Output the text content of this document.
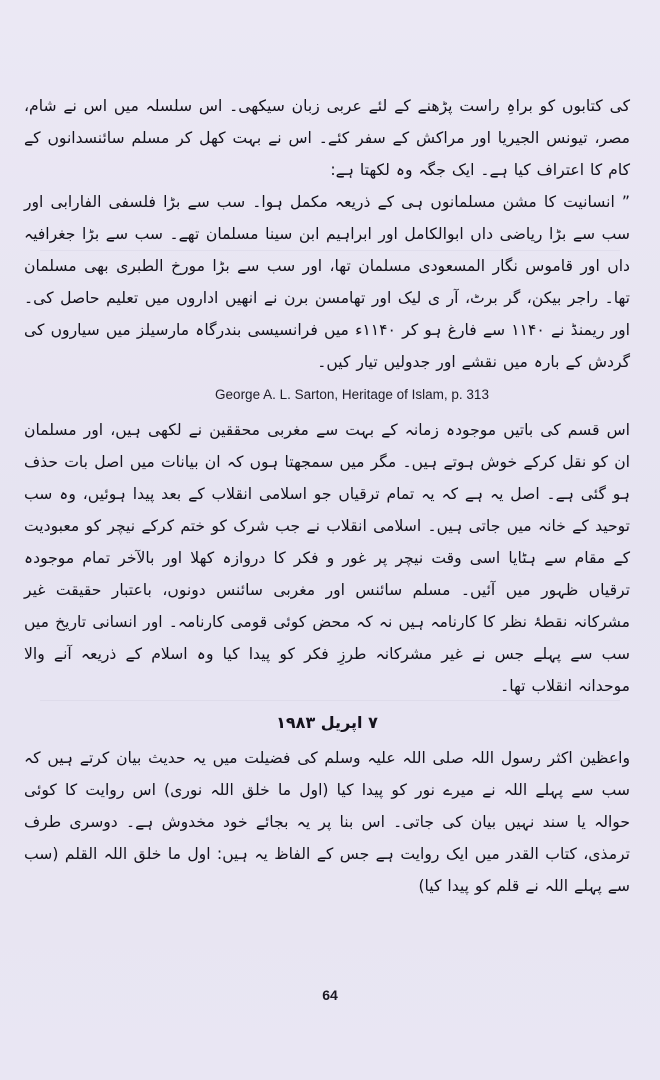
کی کتابوں کو براہِ راست پڑھنے کے لئے عربی زبان سیکھی۔ اس سلسلہ میں اس نے شام، مصر، تیونس الجیریا اور مراکش کے سفر کئے۔ اس نے بہت کھل کر مسلم سائنسدانوں کے کام کا اعتراف کیا ہے۔ ایک جگہ وہ لکھتا ہے:

” انسانیت کا مشن مسلمانوں ہی کے ذریعہ مکمل ہوا۔ سب سے بڑا فلسفی الفارابی اور سب سے بڑا ریاضی داں ابوالکامل اور ابراہیم ابن سینا مسلمان تھے۔ سب سے بڑا جغرافیہ داں اور قاموس نگار المسعودی مسلمان تھا، اور سب سے بڑا مورخ الطبری بھی مسلمان تھا۔ راجر بیکن، گر برٹ، آر ی لیک اور تھامسن برن نے انھیں اداروں میں تعلیم حاصل کی۔ اور ریمنڈ نے ۱۱۴۰ سے فارغ ہو کر ۱۱۴۰ء میں فرانسیسی بندرگاہ مارسیلز میں سیاروں کی گردش کے بارہ میں نقشے اور جدولیں تیار کیں۔

George A. L. Sarton, Heritage of Islam, p. 313

اس قسم کی باتیں موجودہ زمانہ کے بہت سے مغربی محققین نے لکھی ہیں، اور مسلمان ان کو نقل کرکے خوش ہوتے ہیں۔ مگر میں سمجھتا ہوں کہ ان بیانات میں اصل بات حذف ہو گئی ہے۔ اصل یہ ہے کہ یہ تمام ترقیاں جو اسلامی انقلاب کے بعد پیدا ہوئیں، وہ سب توحید کے خانہ میں جاتی ہیں۔ اسلامی انقلاب نے جب شرک کو ختم کرکے نیچر کو معبودیت کے مقام سے ہٹایا اسی وقت نیچر پر غور و فکر کا دروازہ کھلا اور بالآخر تمام موجودہ ترقیاں ظہور میں آئیں۔ مسلم سائنس اور مغربی سائنس دونوں، باعتبار حقیقت غیر مشرکانہ نقطۂ نظر کا کارنامہ ہیں نہ کہ محض کوئی قومی کارنامہ۔ اور انسانی تاریخ میں سب سے پہلے جس نے غیر مشرکانہ طرزِ فکر کو پیدا کیا وہ اسلام کے ذریعہ آنے والا موحدانہ انقلاب تھا۔

۷ اپریل ۱۹۸۳

واعظین اکثر رسول اللہ صلی اللہ علیہ وسلم کی فضیلت میں یہ حدیث بیان کرتے ہیں کہ سب سے پہلے اللہ نے میرے نور کو پیدا کیا (اول ما خلق اللہ نوری) اس روایت کا کوئی حوالہ یا سند نہیں بیان کی جاتی۔ اس بنا پر یہ بجائے خود مخدوش ہے۔ دوسری طرف ترمذی، کتاب القدر میں ایک روایت ہے جس کے الفاظ یہ ہیں: اول ما خلق اللہ القلم (سب سے پہلے اللہ نے قلم کو پیدا کیا)

64
